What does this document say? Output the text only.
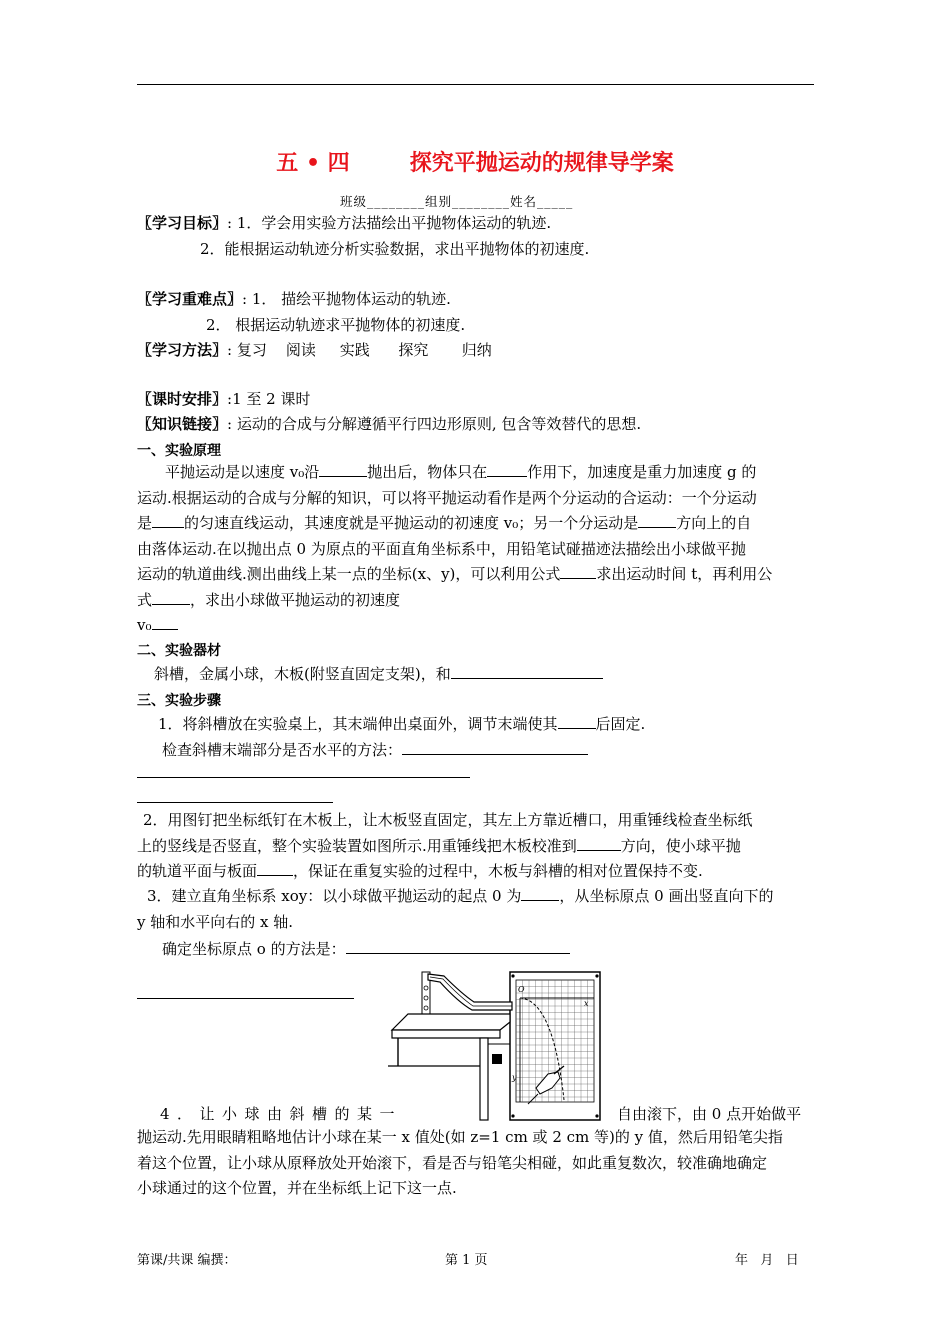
五 • 四	探究平抛运动的规律导学案
班级________组别________姓名_____
〖学习目标〗: 1．学会用实验方法描绘出平抛物体运动的轨迹.
2．能根据运动轨迹分析实验数据，求出平抛物体的初速度.
〖学习重难点〗: 1． 描绘平抛物体运动的轨迹.
2． 根据运动轨迹求平抛物体的初速度.
〖学习方法〗: 复习    阅读     实践      探究       归纳
〖课时安排〗:1 至 2 课时
〖知识链接〗: 运动的合成与分解遵循平行四边形原则, 包含等效替代的思想.
一、实验原理
平抛运动是以速度 v₀沿	抛出后，物体只在	作用下，加速度是重力加速度 g 的
运动.根据运动的合成与分解的知识，可以将平抛运动看作是两个分运动的合运动：一个分运动
是 的匀速直线运动，其速度就是平抛运动的初速度 v₀；另一个分运动是	方向上的自
由落体运动.在以抛出点 0 为原点的平面直角坐标系中，用铅笔试碰描迹法描绘出小球做平抛
运动的轨道曲线.测出曲线上某一点的坐标(x、y)，可以利用公式 求出运动时间 t，再利用公
式	，求出小球做平抛运动的初速度
v₀
二、实验器材
斜槽，金属小球，木板(附竖直固定支架)，和
三、实验步骤
1．将斜槽放在实验桌上，其末端伸出桌面外，调节末端使其	后固定.
检查斜槽末端部分是否水平的方法：
2．用图钉把坐标纸钉在木板上，让木板竖直固定，其左上方靠近槽口，用重锤线检查坐标纸
上的竖线是否竖直，整个实验装置如图所示.用重锤线把木板校准到	方向，使小球平抛
的轨道平面与板面 ，保证在重复实验的过程中，木板与斜槽的相对位置保持不变.
3．建立直角坐标系 xoy：以小球做平抛运动的起点 0 为	，从坐标原点 0 画出竖直向下的
y 轴和水平向右的 x 轴.
确定坐标原点 o 的方法是：
O
x
y
4．让小球由斜槽的某一	自由滚下，由 0 点开始做平
抛运动.先用眼睛粗略地估计小球在某一 x 值处(如 z=1 cm 或 2 cm 等)的 y 值，然后用铅笔尖指
着这个位置，让小球从原释放处开始滚下，看是否与铅笔尖相碰，如此重复数次，较准确地确定
小球通过的这个位置，并在坐标纸上记下这一点.
第课/共课 编撰：	第 1 页	年   月   日
